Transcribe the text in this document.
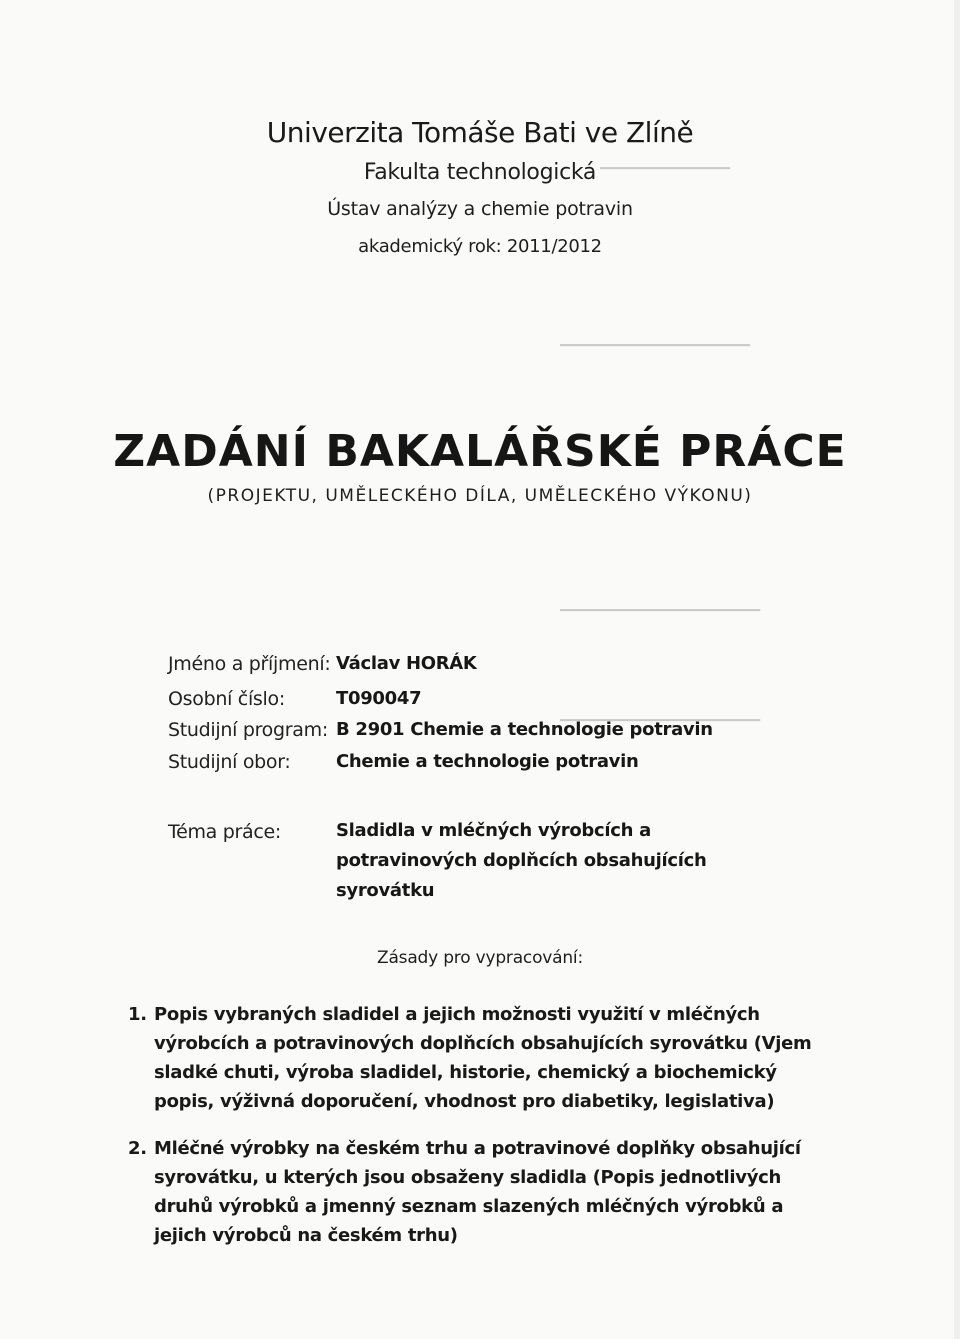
▁▁▁▁▁▁▁▁▁▁▁▁▁
▁▁▁▁▁▁▁▁▁▁▁▁▁▁▁▁▁▁▁
▁▁▁▁▁▁▁▁▁▁▁▁▁▁▁▁▁▁▁▁
▁▁▁▁▁▁▁▁▁▁▁▁▁▁▁▁▁▁▁▁
Univerzita Tomáše Bati ve Zlíně
Fakulta technologická
Ústav analýzy a chemie potravin
akademický rok: 2011/2012
ZADÁNÍ BAKALÁŘSKÉ PRÁCE
(PROJEKTU, UMĚLECKÉHO DÍLA, UMĚLECKÉHO VÝKONU)
Jméno a příjmení: Václav HORÁK
Osobní číslo:	T090047
Studijní program: B 2901 Chemie a technologie potravin
Studijní obor:	Chemie a technologie potravin
Téma práce:	Sladidla v mléčných výrobcích a potravinových doplňcích obsahujících syrovátku
Zásady pro vypracování:
1. Popis vybraných sladidel a jejich možnosti využití v mléčných výrobcích a potravinových doplňcích obsahujících syrovátku (Vjem sladké chuti, výroba sladidel, historie, chemický a biochemický popis, výživná doporučení, vhodnost pro diabetiky, legislativa)
2. Mléčné výrobky na českém trhu a potravinové doplňky obsahující syrovátku, u kterých jsou obsaženy sladidla (Popis jednotlivých druhů výrobků a jmenný seznam slazených mléčných výrobků a jejich výrobců na českém trhu)
